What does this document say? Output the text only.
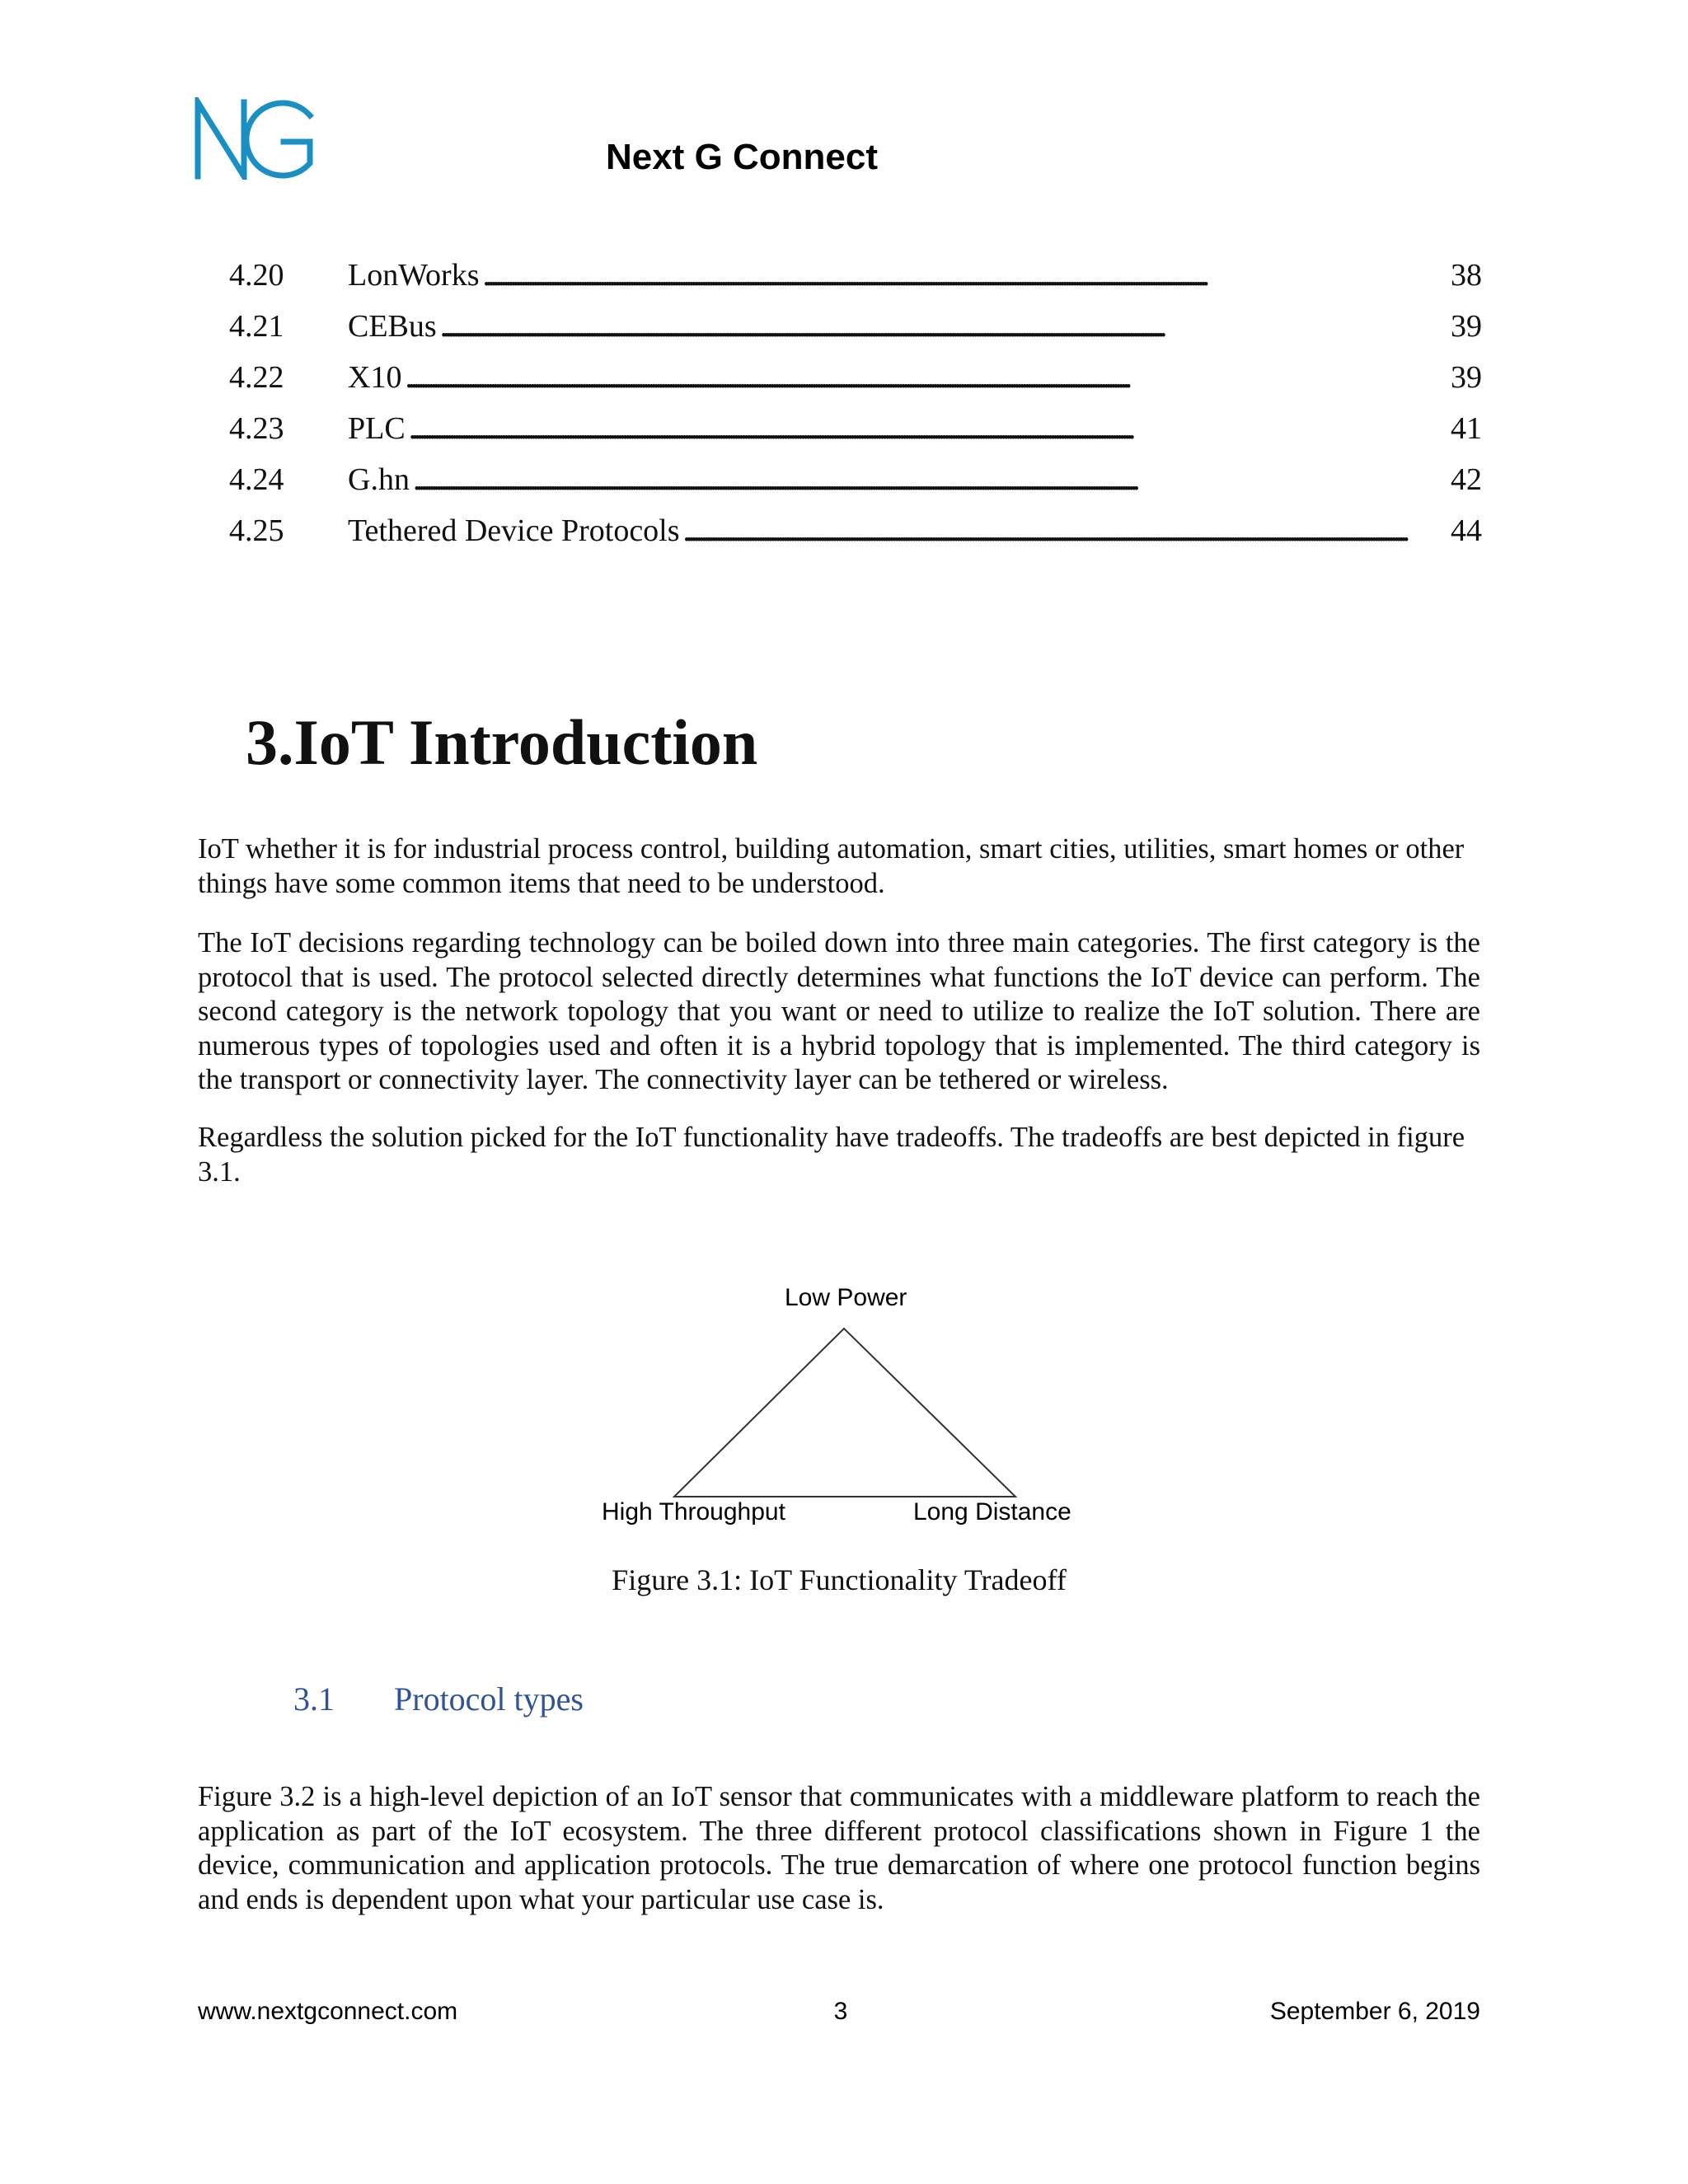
Next G Connect
4.20	LonWorks . . .	38
4.21	CEBus . . .	39
4.22	X10 . . .	39
4.23	PLC . . .	41
4.24	G.hn . . .	42
4.25	Tethered Device Protocols . . .	44
3.IoT Introduction

IoT whether it is for industrial process control, building automation, smart cities, utilities, smart homes or other things have some common items that need to be understood.

The IoT decisions regarding technology can be boiled down into three main categories. The first category is the protocol that is used. The protocol selected directly determines what functions the IoT device can perform. The second category is the network topology that you want or need to utilize to realize the IoT solution. There are numerous types of topologies used and often it is a hybrid topology that is implemented. The third category is the transport or connectivity layer. The connectivity layer can be tethered or wireless.

Regardless the solution picked for the IoT functionality have tradeoffs. The tradeoffs are best depicted in figure 3.1.

Low Power
High Throughput	Long Distance
Figure 3.1: IoT Functionality Tradeoff
3.1 Protocol types

Figure 3.2 is a high-level depiction of an IoT sensor that communicates with a middleware platform to reach the application as part of the IoT ecosystem. The three different protocol classifications shown in Figure 1 the device, communication and application protocols. The true demarcation of where one protocol function begins and ends is dependent upon what your particular use case is.

www.nextgconnect.com	3	September 6, 2019
